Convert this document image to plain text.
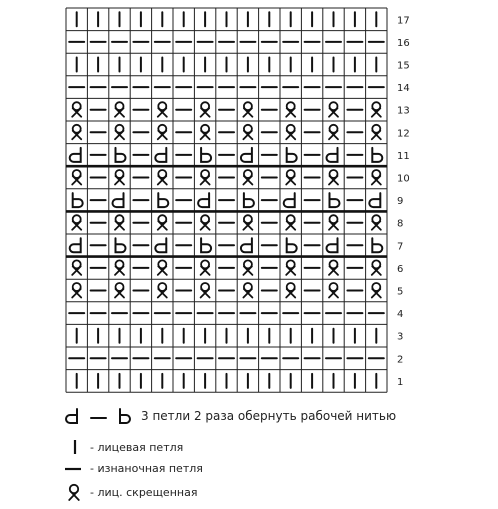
17
16
15
14
13
12
11
10
9
8
7
6
5
4
3
2
1
3 петли 2 раза обернуть рабочей нитью
- лицевая петля
- изнаночная петля
- лиц. скрещенная
